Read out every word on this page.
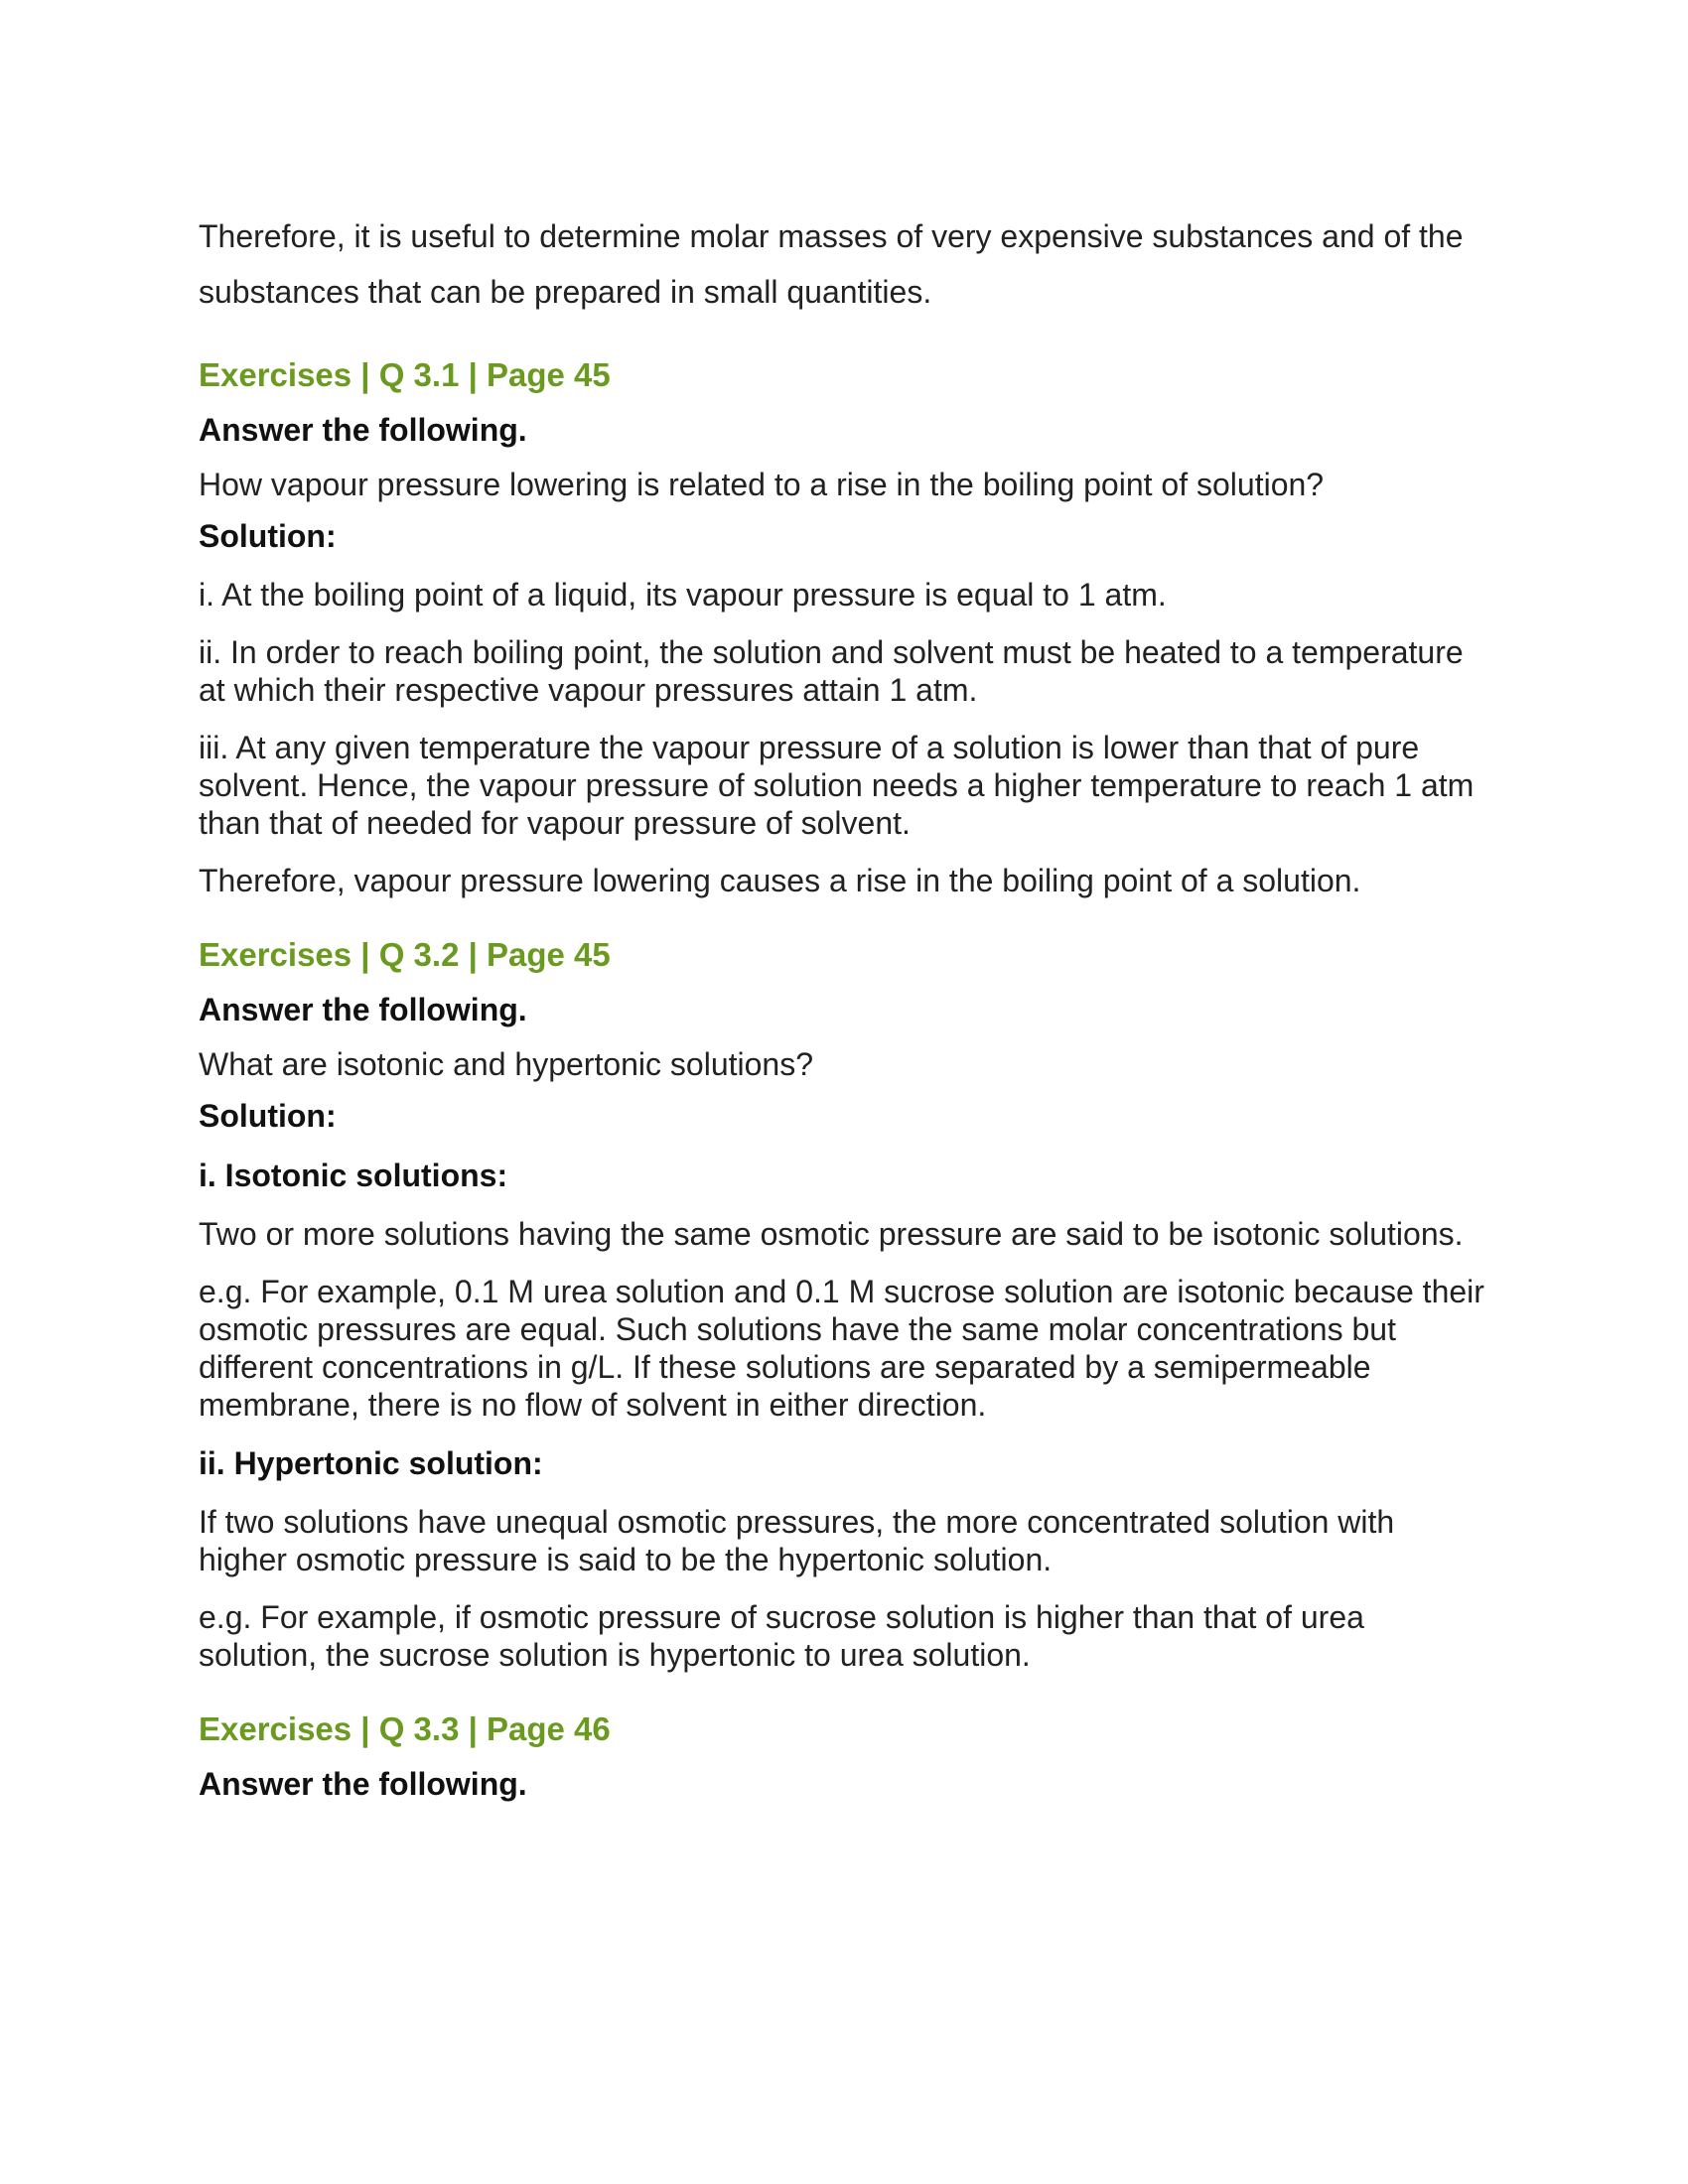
Therefore, it is useful to determine molar masses of very expensive substances and of the substances that can be prepared in small quantities.

Exercises | Q 3.1 | Page 45
Answer the following.
How vapour pressure lowering is related to a rise in the boiling point of solution?
Solution:

i. At the boiling point of a liquid, its vapour pressure is equal to 1 atm.

ii. In order to reach boiling point, the solution and solvent must be heated to a temperature at which their respective vapour pressures attain 1 atm.

iii. At any given temperature the vapour pressure of a solution is lower than that of pure solvent. Hence, the vapour pressure of solution needs a higher temperature to reach 1 atm than that of needed for vapour pressure of solvent.

Therefore, vapour pressure lowering causes a rise in the boiling point of a solution.

Exercises | Q 3.2 | Page 45
Answer the following.
What are isotonic and hypertonic solutions?
Solution:
i. Isotonic solutions:

Two or more solutions having the same osmotic pressure are said to be isotonic solutions.

e.g. For example, 0.1 M urea solution and 0.1 M sucrose solution are isotonic because their osmotic pressures are equal. Such solutions have the same molar concentrations but different concentrations in g/L. If these solutions are separated by a semipermeable membrane, there is no flow of solvent in either direction.

ii. Hypertonic solution:

If two solutions have unequal osmotic pressures, the more concentrated solution with higher osmotic pressure is said to be the hypertonic solution.

e.g. For example, if osmotic pressure of sucrose solution is higher than that of urea solution, the sucrose solution is hypertonic to urea solution.

Exercises | Q 3.3 | Page 46
Answer the following.
